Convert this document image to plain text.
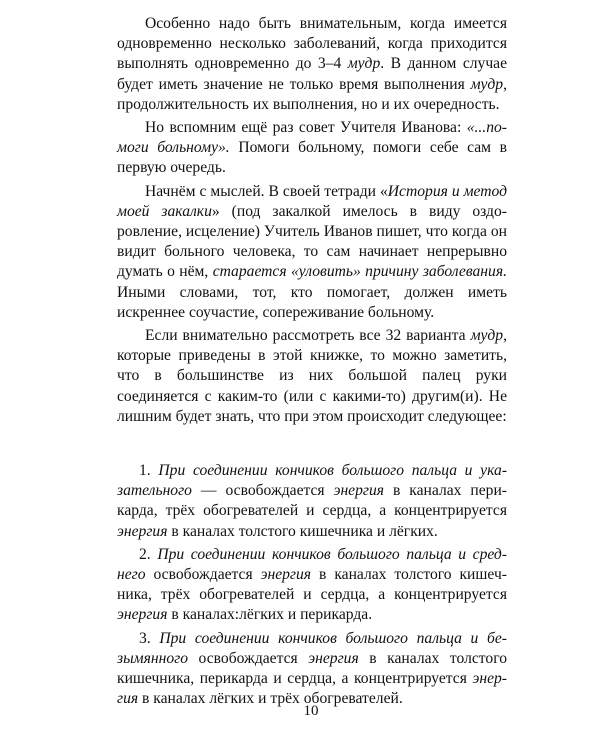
Особенно надо быть внимательным, когда имеется одновременно несколько заболеваний, когда приходится выполнять одновременно до 3–4 мудр. В данном случае будет иметь значение не только время выполнения мудр, продолжительность их выполнения, но и их очередность.

Но вспомним ещё раз совет Учителя Иванова: «...помоги больному». Помоги больному, помоги себе сам в первую очередь.

Начнём с мыслей. В своей тетради «История и метод моей закалки» (под закалкой имелось в виду оздоровление, исцеление) Учитель Иванов пишет, что когда он видит больного человека, то сам начинает непрерывно думать о нём, старается «уловить» причину заболевания. Иными словами, тот, кто помогает, должен иметь искреннее соучастие, сопереживание больному.

Если внимательно рассмотреть все 32 варианта мудр, которые приведены в этой книжке, то можно заметить, что в большинстве из них большой палец руки соединяется с каким-то (или с какими-то) другим(и). Не лишним будет знать, что при этом происходит следующее:

1. При соединении кончиков большого пальца и указательного — освобождается энергия в каналах перикарда, трёх обогревателей и сердца, а концентрируется энергия в каналах толстого кишечника и лёгких.

2. При соединении кончиков большого пальца и среднего освобождается энергия в каналах толстого кишечника, трёх обогревателей и сердца, а концентрируется энергия в каналах:лёгких и перикарда.

3. При соединении кончиков большого пальца и безымянного освобождается энергия в каналах толстого кишечника, перикарда и сердца, а концентрируется энергия в каналах лёгких и трёх обогревателей.

10
